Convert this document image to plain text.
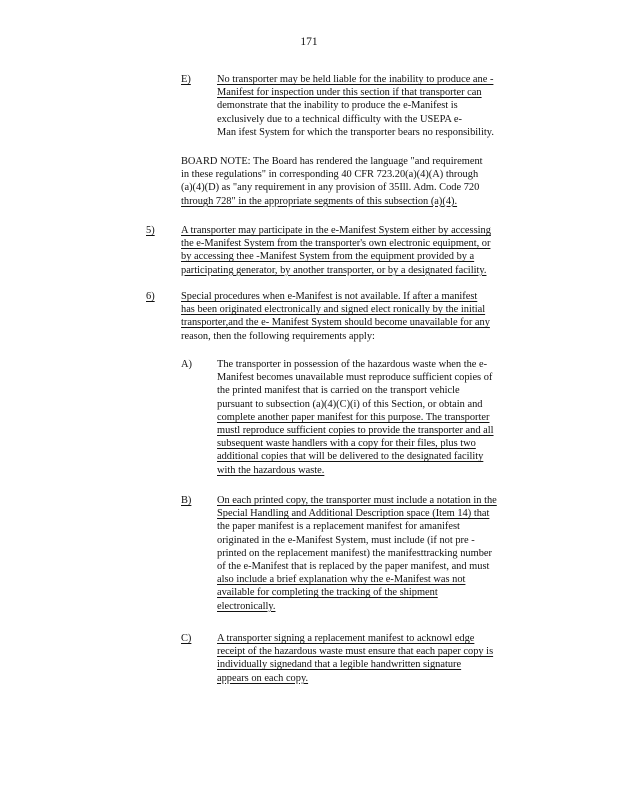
171
E)	No transporter may be held liable for the inability to produce ane -
Manifest for inspection under this section if that transporter can
demonstrate that the inability to produce the e-Manifest is
exclusively due to a technical difficulty with the USEPA e-
Man ifest System for which the transporter bears no responsibility.
BOARD NOTE: The Board has rendered the language "and requirement
in these regulations" in corresponding 40 CFR 723.20(a)(4)(A) through
(a)(4)(D) as "any requirement in any provision of 35Ill. Adm. Code 720
through 728" in the appropriate segments of this subsection (a)(4).
5)	A transporter may participate in the e-Manifest System either by accessing
the e-Manifest System from the transporter's own electronic equipment, or
by accessing thee -Manifest System from the equipment provided by a
participating generator, by another transporter, or by a designated facility.
6)	Special procedures when e-Manifest is not available. If after a manifest
has been originated electronically and signed elect ronically by the initial
transporter,and the e- Manifest System should become unavailable for any
reason, then the following requirements apply:
A) The transporter in possession of the hazardous waste when the e-
Manifest becomes unavailable must reproduce sufficient copies of
the printed manifest that is carried on the transport vehicle
pursuant to subsection (a)(4)(C)(i) of this Section, or obtain and
complete another paper manifest for this purpose. The transporter
mustl reproduce sufficient copies to provide the transporter and all
subsequent waste handlers with a copy for their files, plus two
additional copies that will be delivered to the designated facility
with the hazardous waste.
B) On each printed copy, the transporter must include a notation in the
Special Handling and Additional Description space (Item 14) that
the paper manifest is a replacement manifest for amanifest
originated in the e-Manifest System, must include (if not pre -
printed on the replacement manifest) the manifesttracking number
of the e-Manifest that is replaced by the paper manifest, and must
also include a brief explanation why the e-Manifest was not
available for completing the tracking of the shipment
electronically.
C) A transporter signing a replacement manifest to acknowl edge
receipt of the hazardous waste must ensure that each paper copy is
individually signedand that a legible handwritten signature
appears on each copy.
